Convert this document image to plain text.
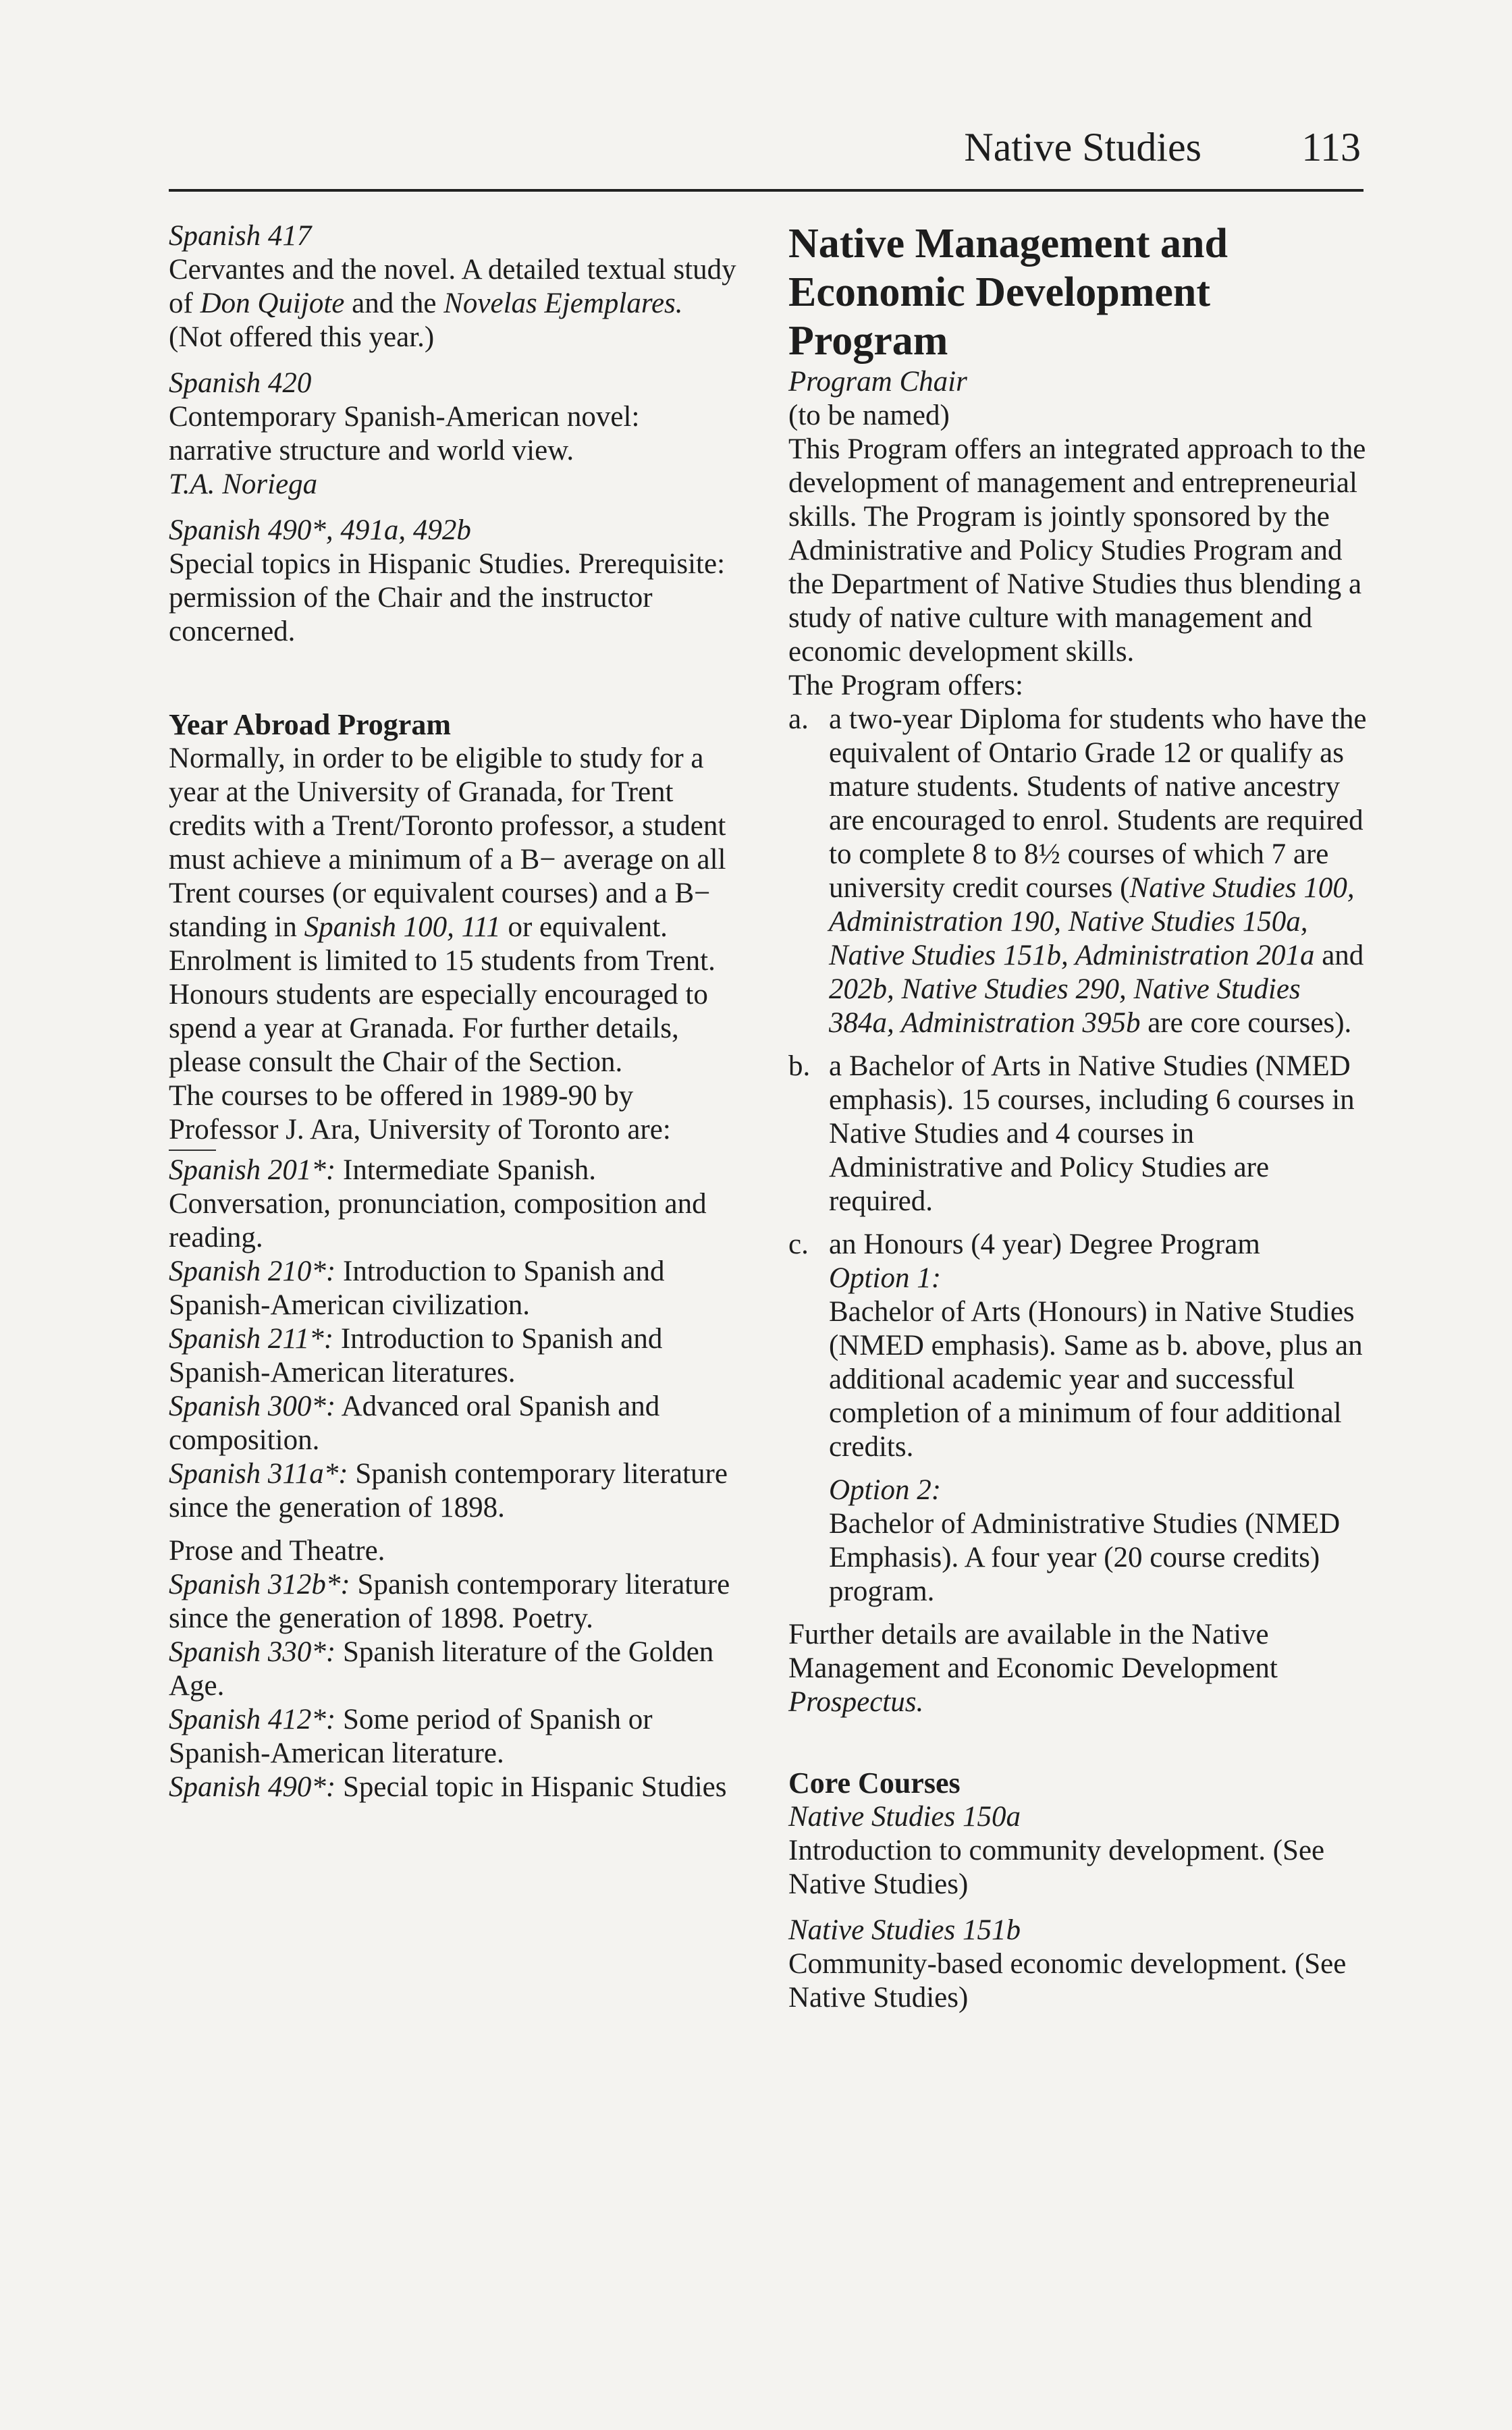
Native Studies 113

Spanish 417

Cervantes and the novel. A detailed textual study of Don Quijote and the Novelas Ejemplares. (Not offered this year.)

Spanish 420

Contemporary Spanish-American novel: narrative structure and world view.

T.A. Noriega

Spanish 490*, 491a, 492b

Special topics in Hispanic Studies. Prerequisite: permission of the Chair and the instructor concerned.

Year Abroad Program

Normally, in order to be eligible to study for a year at the University of Granada, for Trent credits with a Trent/Toronto professor, a student must achieve a minimum of a B− average on all Trent courses (or equivalent courses) and a B− standing in Spanish 100, 111 or equivalent. Enrolment is limited to 15 students from Trent. Honours students are especially encouraged to spend a year at Granada. For further details, please consult the Chair of the Section.

The courses to be offered in 1989-90 by Professor J. Ara, University of Toronto are:

Spanish 201*: Intermediate Spanish. Conversation, pronunciation, composition and reading.

Spanish 210*: Introduction to Spanish and Spanish-American civilization.

Spanish 211*: Introduction to Spanish and Spanish-American literatures.

Spanish 300*: Advanced oral Spanish and composition.

Spanish 311a*: Spanish contemporary literature since the generation of 1898.

Prose and Theatre.

Spanish 312b*: Spanish contemporary literature since the generation of 1898. Poetry.

Spanish 330*: Spanish literature of the Golden Age.

Spanish 412*: Some period of Spanish or Spanish-American literature.

Spanish 490*: Special topic in Hispanic Studies

Native Management and Economic Development Program

Program Chair

(to be named)

This Program offers an integrated approach to the development of management and entrepreneurial skills. The Program is jointly sponsored by the Administrative and Policy Studies Program and the Department of Native Studies thus blending a study of native culture with management and economic development skills.

The Program offers:

a. a two-year Diploma for students who have the equivalent of Ontario Grade 12 or qualify as mature students. Students of native ancestry are encouraged to enrol. Students are required to complete 8 to 8½ courses of which 7 are university credit courses (Native Studies 100, Administration 190, Native Studies 150a, Native Studies 151b, Administration 201a and 202b, Native Studies 290, Native Studies 384a, Administration 395b are core courses).
b. a Bachelor of Arts in Native Studies (NMED emphasis). 15 courses, including 6 courses in Native Studies and 4 courses in Administrative and Policy Studies are required.
c. an Honours (4 year) Degree Program

Option 1:

Bachelor of Arts (Honours) in Native Studies (NMED emphasis). Same as b. above, plus an additional academic year and successful completion of a minimum of four additional credits.

Option 2:

Bachelor of Administrative Studies (NMED Emphasis). A four year (20 course credits) program.

Further details are available in the Native Management and Economic Development Prospectus.

Core Courses

Native Studies 150a

Introduction to community development. (See Native Studies)

Native Studies 151b

Community-based economic development. (See Native Studies)
